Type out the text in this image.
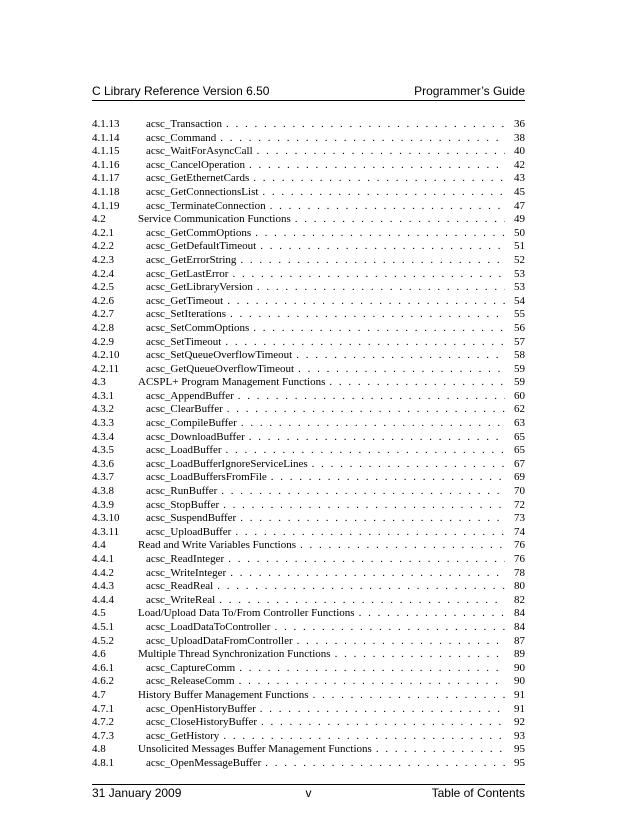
C Library Reference Version 6.50	Programmer’s Guide
4.1.13	acsc_Transaction . . .	36
4.1.14	acsc_Command . . .	38
4.1.15	acsc_WaitForAsyncCall . . .	40
4.1.16	acsc_CancelOperation . . .	42
4.1.17	acsc_GetEthernetCards . . .	43
4.1.18	acsc_GetConnectionsList . . .	45
4.1.19	acsc_TerminateConnection . . .	47
4.2	Service Communication Functions . . .	49
4.2.1	acsc_GetCommOptions . . .	50
4.2.2	acsc_GetDefaultTimeout . . .	51
4.2.3	acsc_GetErrorString . . .	52
4.2.4	acsc_GetLastError . . .	53
4.2.5	acsc_GetLibraryVersion . . .	53
4.2.6	acsc_GetTimeout . . .	54
4.2.7	acsc_SetIterations . . .	55
4.2.8	acsc_SetCommOptions . . .	56
4.2.9	acsc_SetTimeout . . .	57
4.2.10	acsc_SetQueueOverflowTimeout . . .	58
4.2.11	acsc_GetQueueOverflowTimeout . . .	59
4.3	ACSPL+ Program Management Functions . . .	59
4.3.1	acsc_AppendBuffer . . .	60
4.3.2	acsc_ClearBuffer . . .	62
4.3.3	acsc_CompileBuffer . . .	63
4.3.4	acsc_DownloadBuffer . . .	65
4.3.5	acsc_LoadBuffer . . .	65
4.3.6	acsc_LoadBufferIgnoreServiceLines . . .	67
4.3.7	acsc_LoadBuffersFromFile . . .	69
4.3.8	acsc_RunBuffer . . .	70
4.3.9	acsc_StopBuffer . . .	72
4.3.10	acsc_SuspendBuffer . . .	73
4.3.11	acsc_UploadBuffer . . .	74
4.4	Read and Write Variables Functions . . .	76
4.4.1	acsc_ReadInteger . . .	76
4.4.2	acsc_WriteInteger . . .	78
4.4.3	acsc_ReadReal . . .	80
4.4.4	acsc_WriteReal . . .	82
4.5	Load/Upload Data To/From Controller Functions . . .	84
4.5.1	acsc_LoadDataToController . . .	84
4.5.2	acsc_UploadDataFromController . . .	87
4.6	Multiple Thread Synchronization Functions . . .	89
4.6.1	acsc_CaptureComm . . .	90
4.6.2	acsc_ReleaseComm . . .	90
4.7	History Buffer Management Functions . . .	91
4.7.1	acsc_OpenHistoryBuffer . . .	91
4.7.2	acsc_CloseHistoryBuffer . . .	92
4.7.3	acsc_GetHistory . . .	93
4.8	Unsolicited Messages Buffer Management Functions . . .	95
4.8.1	acsc_OpenMessageBuffer . . .	95
31 January 2009	v	Table of Contents
